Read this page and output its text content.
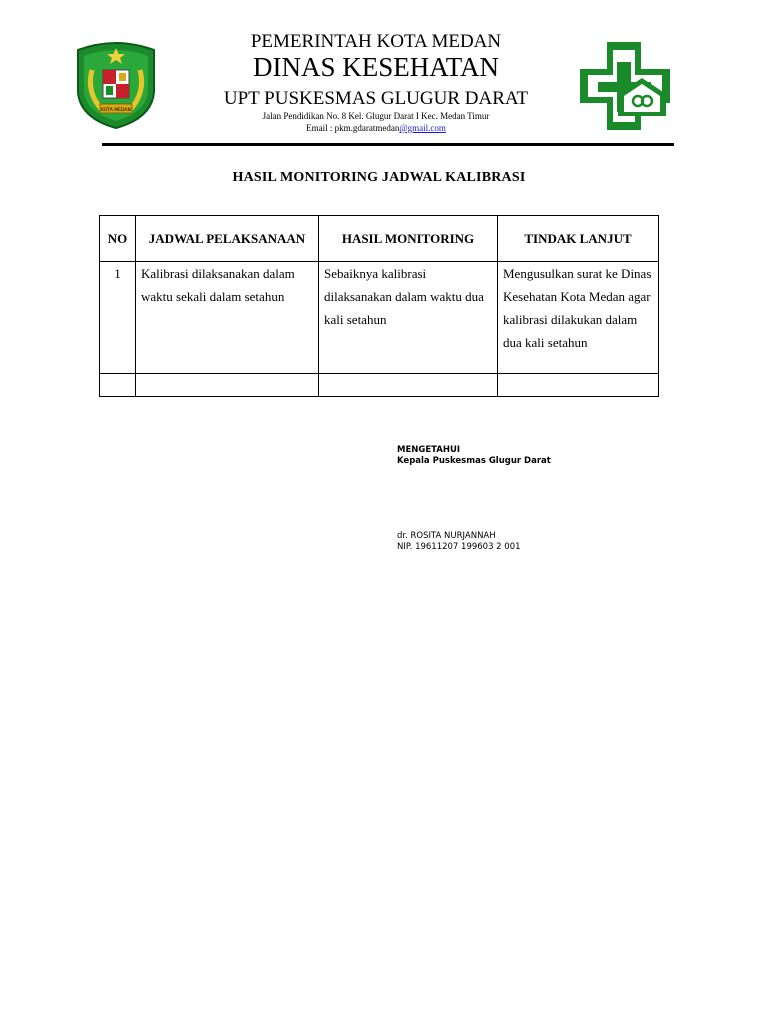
KOTA MEDAN
PEMERINTAH KOTA MEDAN
DINAS KESEHATAN
UPT PUSKESMAS GLUGUR DARAT
Jalan Pendidikan No. 8 Kel. Glugur Darat I Kec. Medan Timur
Email : pkm.gdaratmedan@gmail.com
HASIL MONITORING JADWAL KALIBRASI
NO	JADWAL PELAKSANAAN	HASIL MONITORING	TINDAK LANJUT
1	Kalibrasi dilaksanakan dalam waktu sekali dalam setahun	Sebaiknya kalibrasi dilaksanakan dalam waktu dua kali setahun	Mengusulkan surat ke Dinas Kesehatan Kota Medan agar kalibrasi dilakukan dalam dua kali setahun

MENGETAHUI
Kepala Puskesmas Glugur Darat
dr. ROSITA NURJANNAH
NIP. 19611207 199603 2 001
